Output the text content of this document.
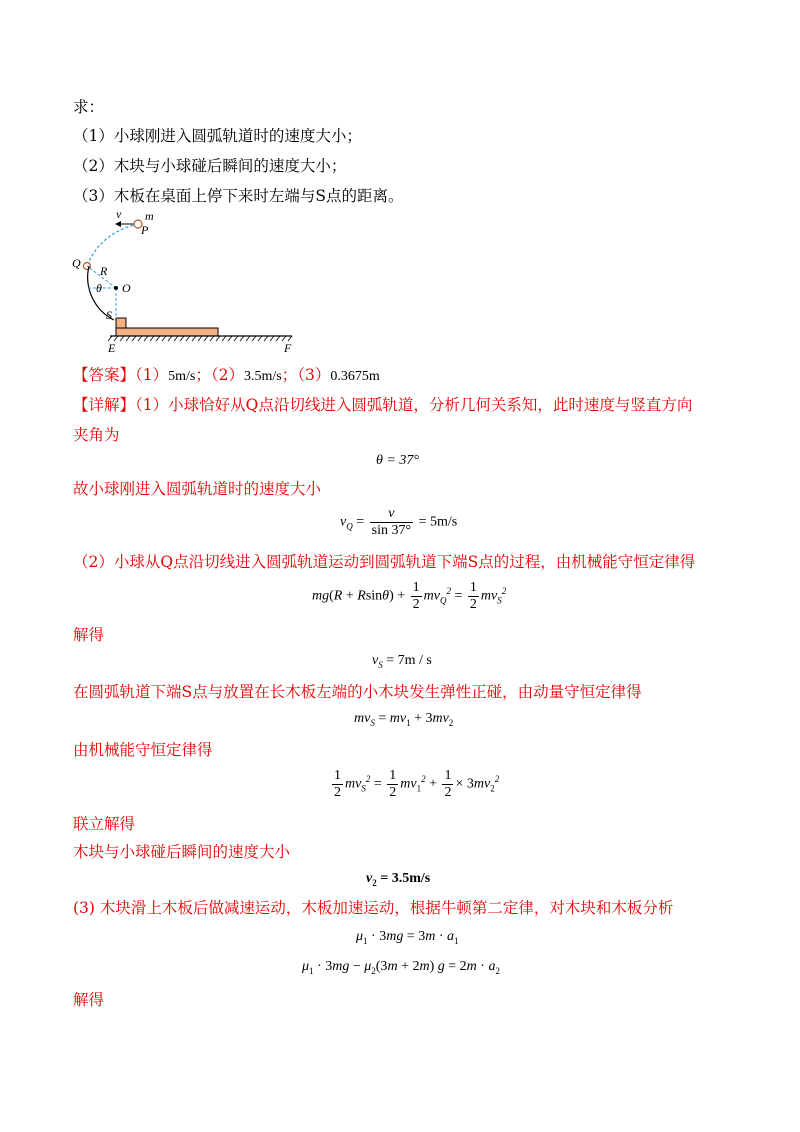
求：
（1）小球刚进入圆弧轨道时的速度大小；
（2）木块与小球碰后瞬间的速度大小；
（3）木板在桌面上停下来时左端与S点的距离。
v m
P
Q
R
θ O
S
E	F
【答案】（1）5m/s；（2）3.5m/s；（3）0.3675m
【详解】（1）小球恰好从Q点沿切线进入圆弧轨道，分析几何关系知，此时速度与竖直方向
夹角为
θ = 37°
故小球刚进入圆弧轨道时的速度大小
$v_Q = \frac{v}{\sin 37^\circ} = 5m/s$
（2）小球从Q点沿切线进入圆弧轨道运动到圆弧轨道下端S点的过程，由机械能守恒定律得
$mg(R + Rsin\theta) + \frac{1}{2} mv_Q^2 = \frac{1}{2} mv_S^2$
解得
$v_S = 7m / s$
在圆弧轨道下端S点与放置在长木板左端的小木块发生弹性正碰，由动量守恒定律得
$mv_S = mv_1 + 3mv_2$
由机械能守恒定律得
$\frac{1}{2} mv_S^2 = \frac{1}{2} mv_1^2 + \frac{1}{2} \times 3mv_2^2$
联立解得
木块与小球碰后瞬间的速度大小
$v_2 = 3.5m/s$
(3) 木块滑上木板后做减速运动，木板加速运动，根据牛顿第二定律，对木块和木板分析
$\mu_1 \cdot 3mg = 3m \cdot a_1$
$\mu_1 \cdot 3mg - \mu_2(3m + 2m) g = 2m \cdot a_2$
解得
